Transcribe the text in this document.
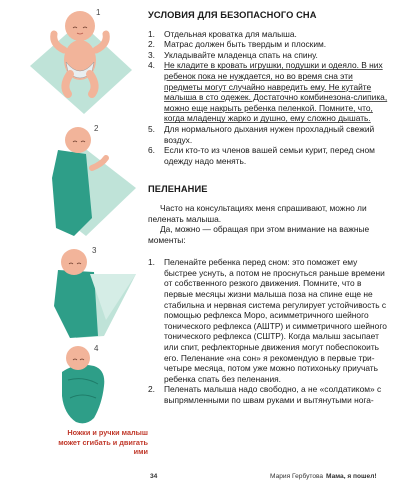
1
2
3
4
Ножки и ручки малыш может сгибать и двигать ими
УСЛОВИЯ ДЛЯ БЕЗОПАСНОГО СНА
1. Отдельная кроватка для малыша.
2. Матрас должен быть твердым и плоским.
3. Укладывайте младенца спать на спину.
4. Не кладите в кровать игрушки, подушки и одеяло. В них ребенок пока не нуждается, но во время сна эти предметы могут случайно навредить ему. Не кутайте малыша в сто одежек. Достаточно комбинезона-слипика, можно еще накрыть ребенка пеленкой. Помните, что, когда младенцу жарко и душно, ему сложно дышать.
5. Для нормального дыхания нужен прохладный свежий воздух.
6. Если кто-то из членов вашей семьи курит, перед сном одежду надо менять.
ПЕЛЕНАНИЕ

Часто на консультациях меня спрашивают, можно ли пеленать малыша.

Да, можно — обращая при этом внимание на важные моменты:

1. Пеленайте ребенка перед сном: это поможет ему быстрее уснуть, а потом не проснуться раньше времени от собственного резкого движения. Помните, что в первые месяцы жизни малыша поза на спине еще не стабильна и нервная система регулирует устойчивость с помощью рефлекса Моро, асимметричного шейного тонического рефлекса (АШТР) и симметричного шейного тонического рефлекса (СШТР). Когда малыш засыпает или спит, рефлекторные движения могут побеспокоить его. Пеленание «на сон» я рекомендую в первые три-четыре месяца, потом уже можно потихоньку приучать ребенка спать без пеленания.
2. Пеленать малыша надо свободно, а не «солдатиком» с выпрямленными по швам руками и вытянутыми нога-
34	Мария Гербутова Мама, я пошел!
